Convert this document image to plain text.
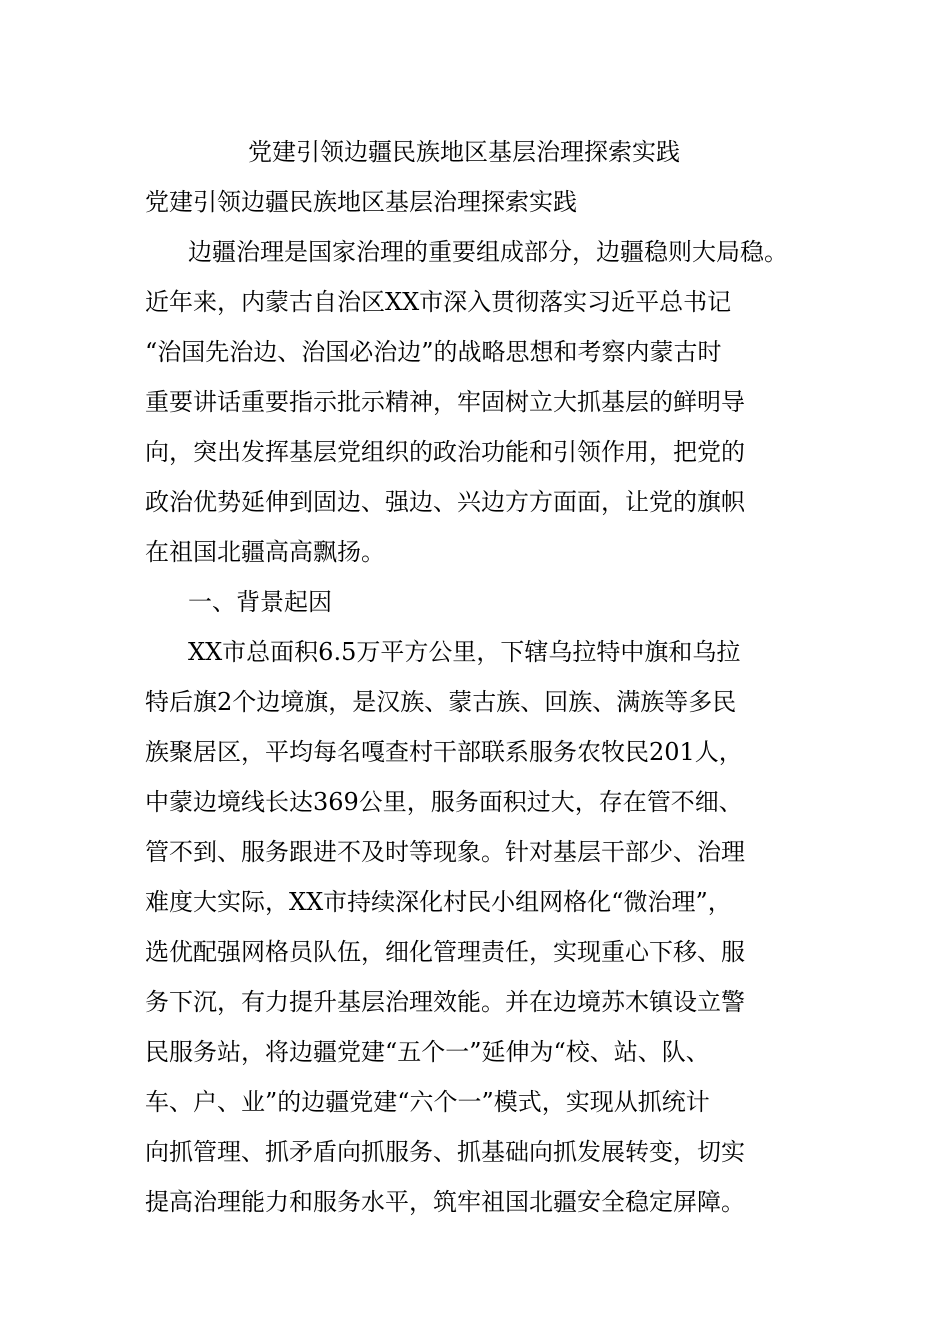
党建引领边疆民族地区基层治理探索实践
党建引领边疆民族地区基层治理探索实践
边疆治理是国家治理的重要组成部分，边疆稳则大局稳。
近年来，内蒙古自治区XX市深入贯彻落实习近平总书记
“治国先治边、治国必治边”的战略思想和考察内蒙古时
重要讲话重要指示批示精神，牢固树立大抓基层的鲜明导
向，突出发挥基层党组织的政治功能和引领作用，把党的
政治优势延伸到固边、强边、兴边方方面面，让党的旗帜
在祖国北疆高高飘扬。
一、背景起因
XX市总面积6.5万平方公里，下辖乌拉特中旗和乌拉
特后旗2个边境旗，是汉族、蒙古族、回族、满族等多民
族聚居区，平均每名嘎查村干部联系服务农牧民201人，
中蒙边境线长达369公里，服务面积过大，存在管不细、
管不到、服务跟进不及时等现象。针对基层干部少、治理
难度大实际，XX市持续深化村民小组网格化“微治理”，
选优配强网格员队伍，细化管理责任，实现重心下移、服
务下沉，有力提升基层治理效能。并在边境苏木镇设立警
民服务站，将边疆党建“五个一”延伸为“校、站、队、
车、户、业”的边疆党建“六个一”模式，实现从抓统计
向抓管理、抓矛盾向抓服务、抓基础向抓发展转变，切实
提高治理能力和服务水平，筑牢祖国北疆安全稳定屏障。
